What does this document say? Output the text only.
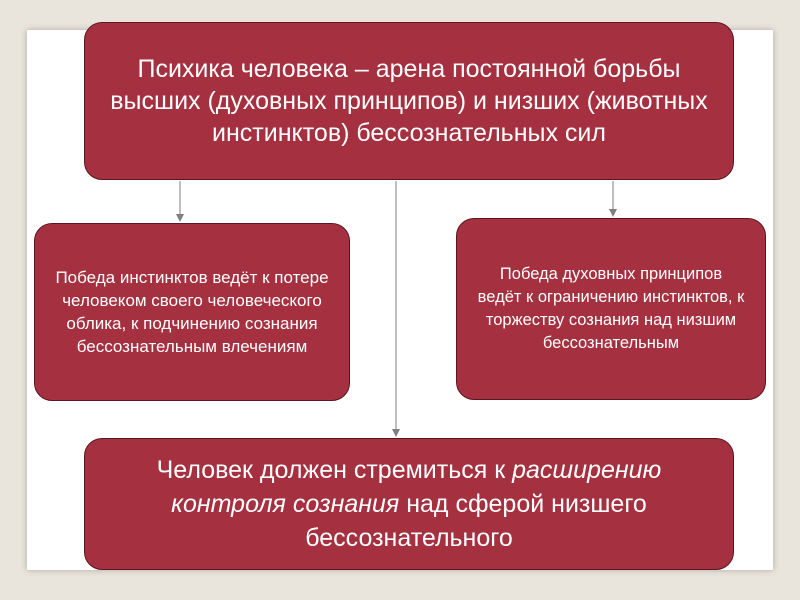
Психика человека – арена постоянной борьбы высших (духовных принципов) и низших (животных инстинктов) бессознательных сил
Победа инстинктов ведёт к потере человеком своего человеческого облика, к подчинению сознания бессознательным влечениям
Победа духовных принципов ведёт к ограничению инстинктов, к торжеству сознания над низшим бессознательным
Человек должен стремиться к расширению контроля сознания над сферой низшего бессознательного
